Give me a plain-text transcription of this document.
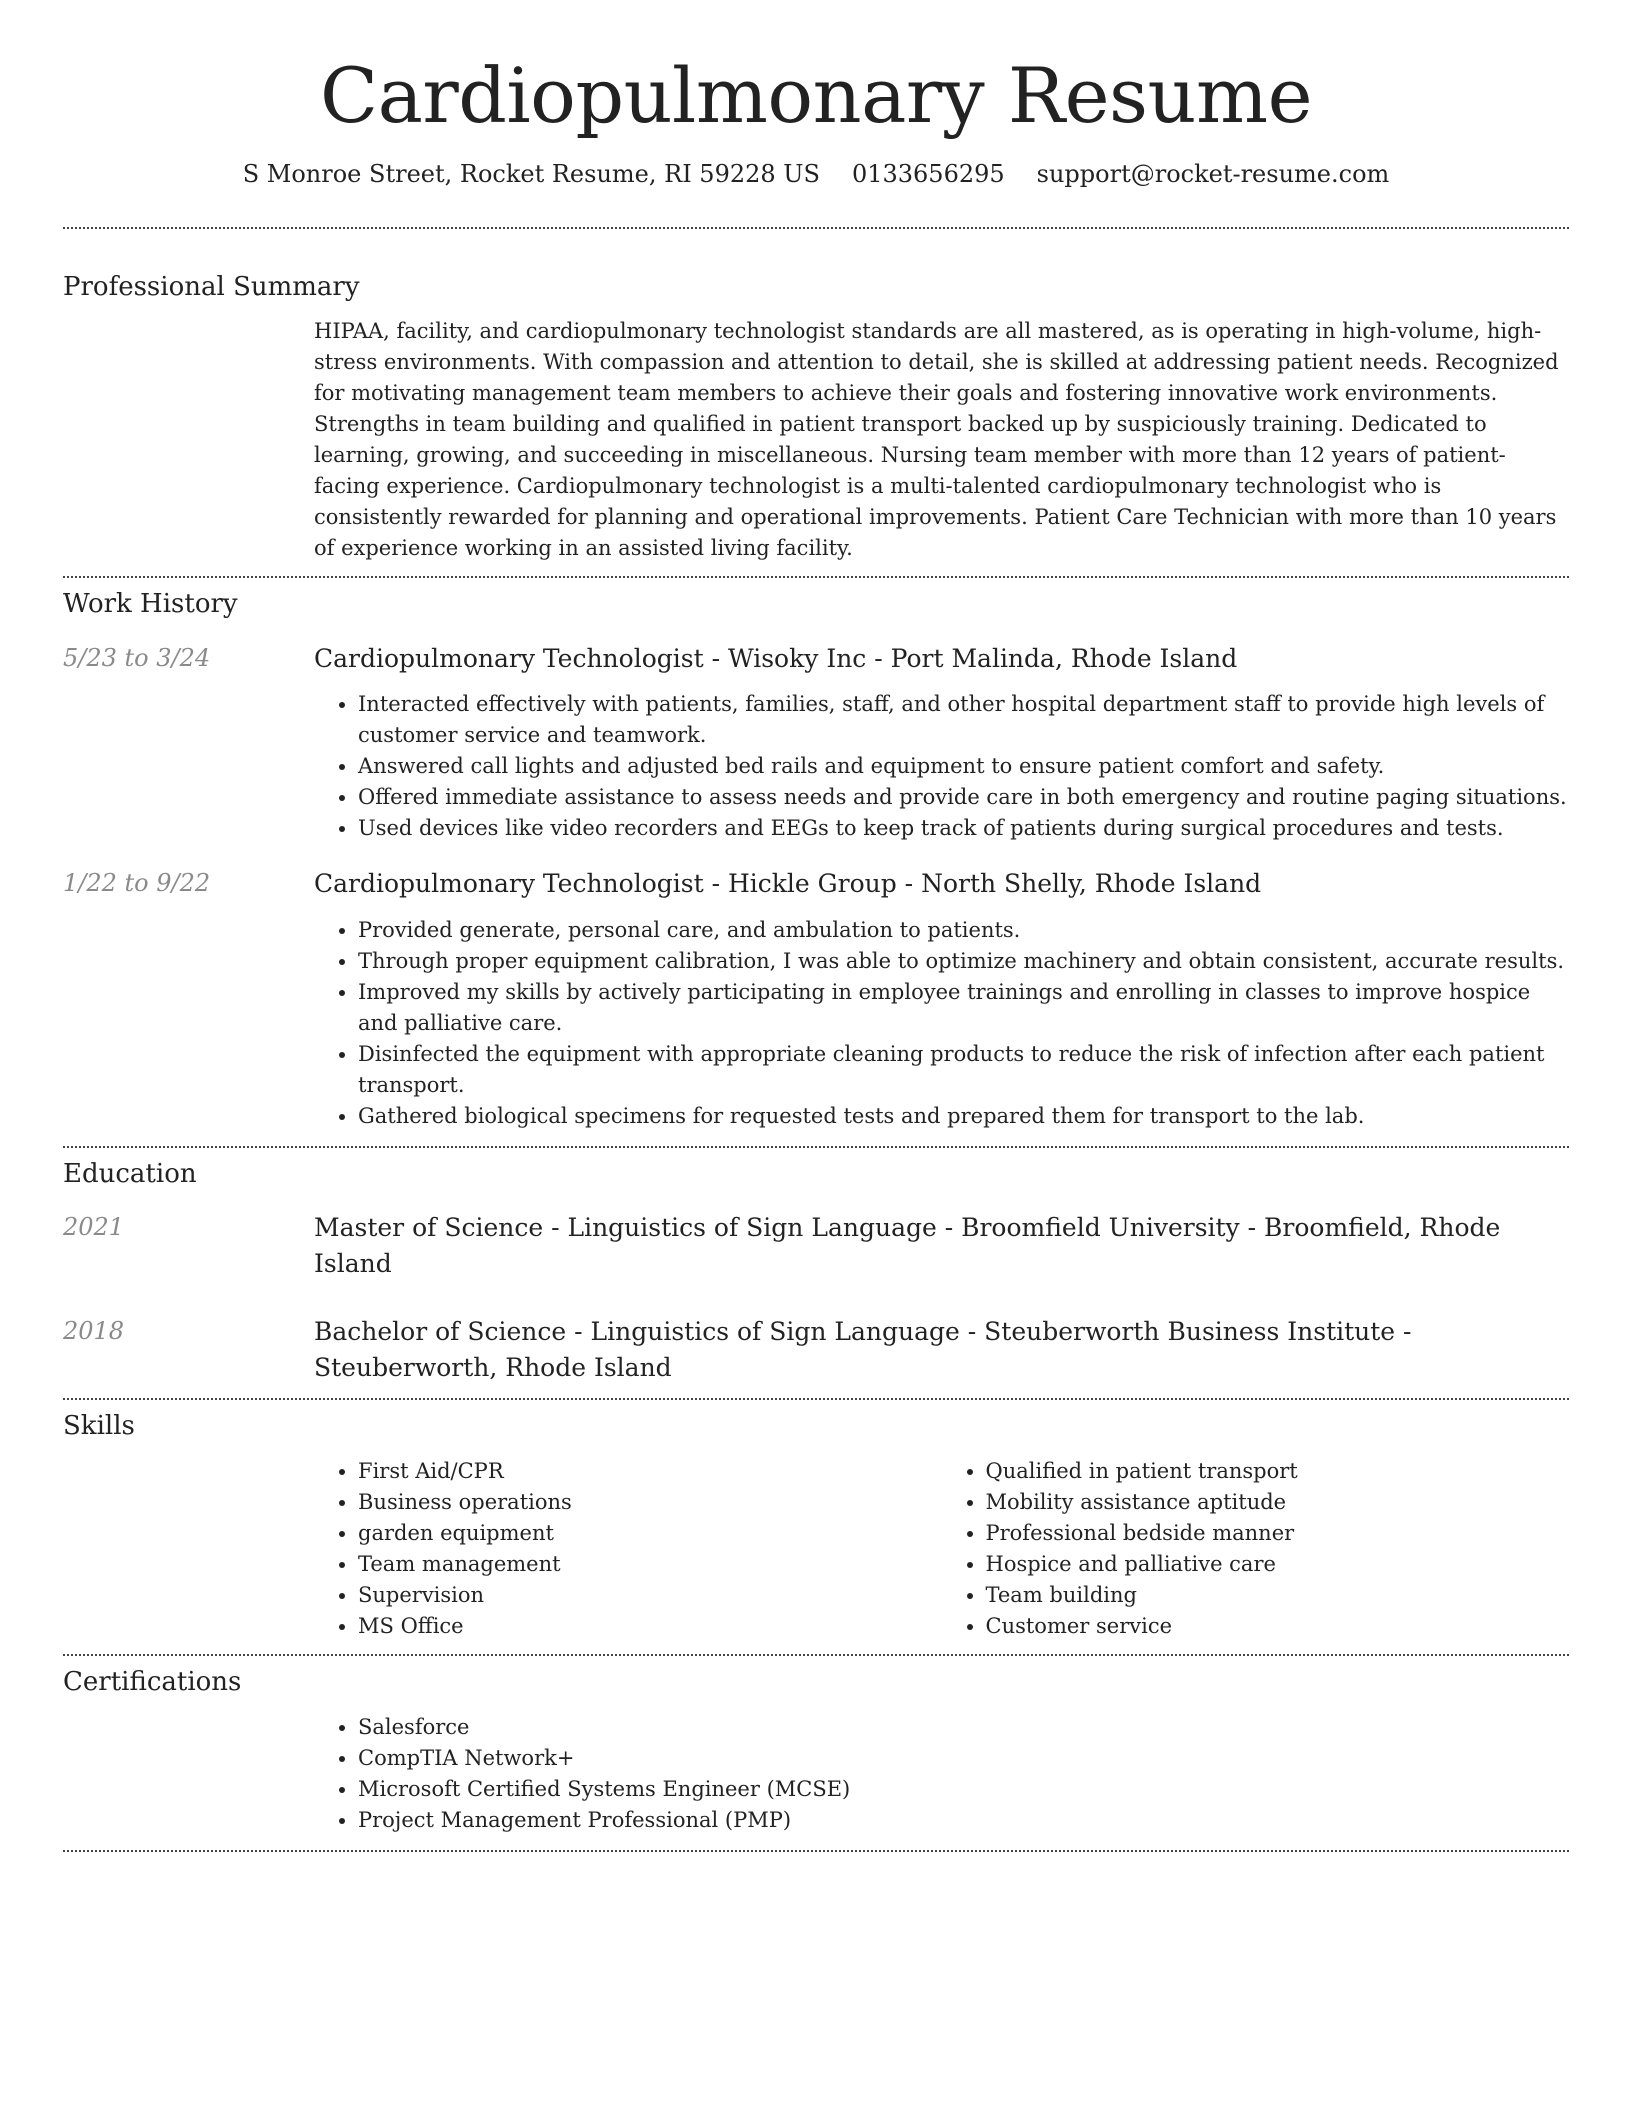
Cardiopulmonary Resume
S Monroe Street, Rocket Resume, RI 59228 US 0133656295 support@rocket-resume.com
Professional Summary

HIPAA, facility, and cardiopulmonary technologist standards are all mastered, as is operating in high-volume, high-stress environments. With compassion and attention to detail, she is skilled at addressing patient needs. Recognized for motivating management team members to achieve their goals and fostering innovative work environments. Strengths in team building and qualified in patient transport backed up by suspiciously training. Dedicated to learning, growing, and succeeding in miscellaneous. Nursing team member with more than 12 years of patient-facing experience. Cardiopulmonary technologist is a multi-talented cardiopulmonary technologist who is consistently rewarded for planning and operational improvements. Patient Care Technician with more than 10 years of experience working in an assisted living facility.

Work History
5/23 to 3/24	Cardiopulmonary Technologist - Wisoky Inc - Port Malinda, Rhode Island

• Interacted effectively with patients, families, staff, and other hospital department staff to provide high levels of customer service and teamwork.
• Answered call lights and adjusted bed rails and equipment to ensure patient comfort and safety.
• Offered immediate assistance to assess needs and provide care in both emergency and routine paging situations.
• Used devices like video recorders and EEGs to keep track of patients during surgical procedures and tests.
1/22 to 9/22	Cardiopulmonary Technologist - Hickle Group - North Shelly, Rhode Island

• Provided generate, personal care, and ambulation to patients.
• Through proper equipment calibration, I was able to optimize machinery and obtain consistent, accurate results.
• Improved my skills by actively participating in employee trainings and enrolling in classes to improve hospice and palliative care.
• Disinfected the equipment with appropriate cleaning products to reduce the risk of infection after each patient transport.
• Gathered biological specimens for requested tests and prepared them for transport to the lab.
Education
2021	Master of Science - Linguistics of Sign Language - Broomfield University - Broomfield, Rhode Island

2018	Bachelor of Science - Linguistics of Sign Language - Steuberworth Business Institute - Steuberworth, Rhode Island

Skills
• First Aid/CPR
• Business operations
• garden equipment
• Team management
• Supervision
• MS Office
• Qualified in patient transport
• Mobility assistance aptitude
• Professional bedside manner
• Hospice and palliative care
• Team building
• Customer service
Certifications
• Salesforce
• CompTIA Network+
• Microsoft Certified Systems Engineer (MCSE)
• Project Management Professional (PMP)
